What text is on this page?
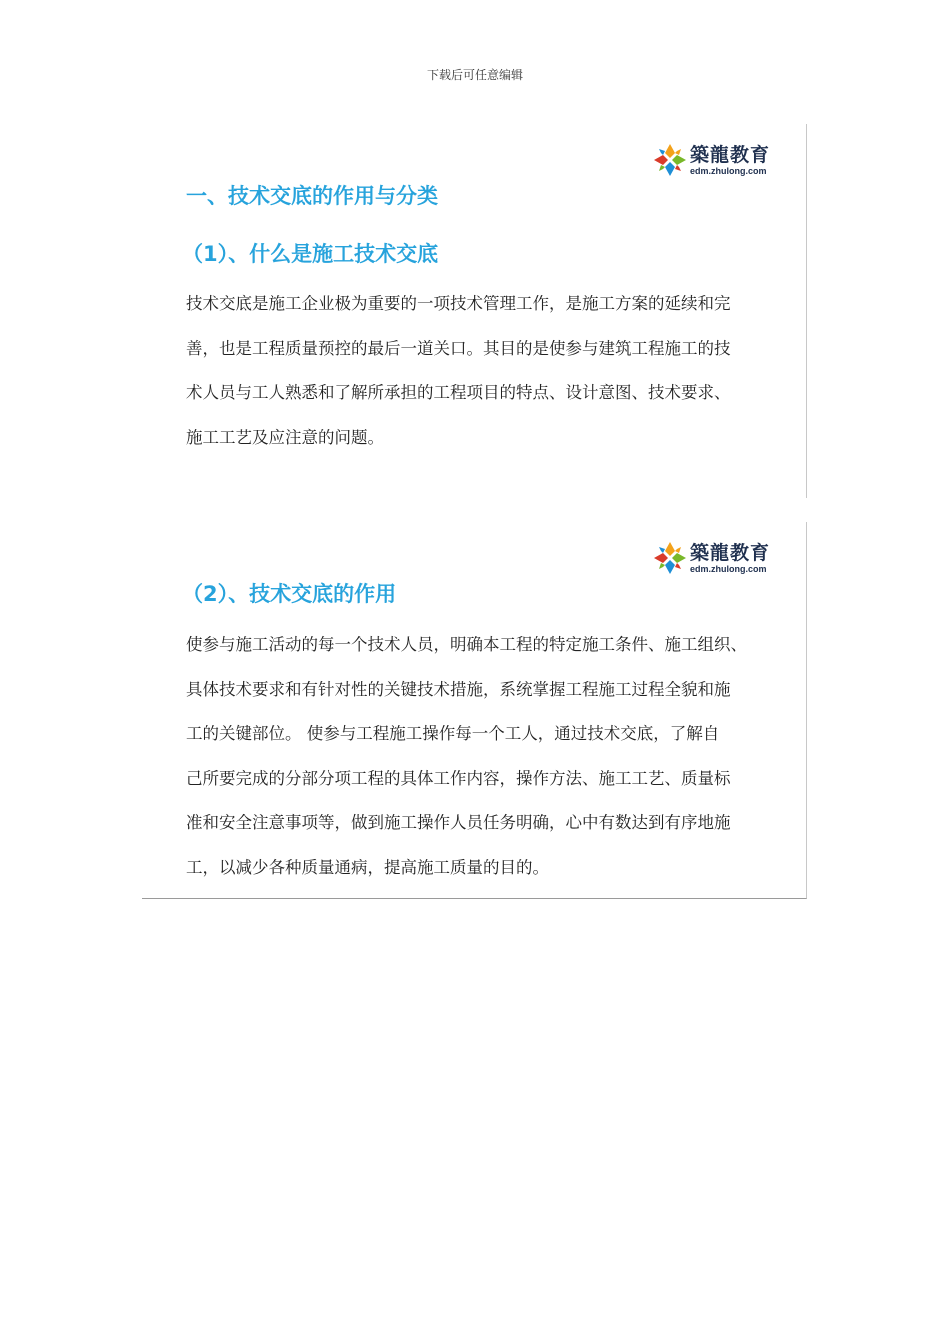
下载后可任意编辑
築龍教育
edm.zhulong.com
一、技术交底的作用与分类
（1）、什么是施工技术交底
技术交底是施工企业极为重要的一项技术管理工作，是施工方案的延续和完
善，也是工程质量预控的最后一道关口。其目的是使参与建筑工程施工的技
术人员与工人熟悉和了解所承担的工程项目的特点、设计意图、技术要求、
施工工艺及应注意的问题。
築龍教育
edm.zhulong.com
（2）、技术交底的作用
使参与施工活动的每一个技术人员，明确本工程的特定施工条件、施工组织、
具体技术要求和有针对性的关键技术措施，系统掌握工程施工过程全貌和施
工的关键部位。 使参与工程施工操作每一个工人，通过技术交底，了解自
己所要完成的分部分项工程的具体工作内容，操作方法、施工工艺、质量标
准和安全注意事项等，做到施工操作人员任务明确，心中有数达到有序地施
工，以减少各种质量通病，提高施工质量的目的。
